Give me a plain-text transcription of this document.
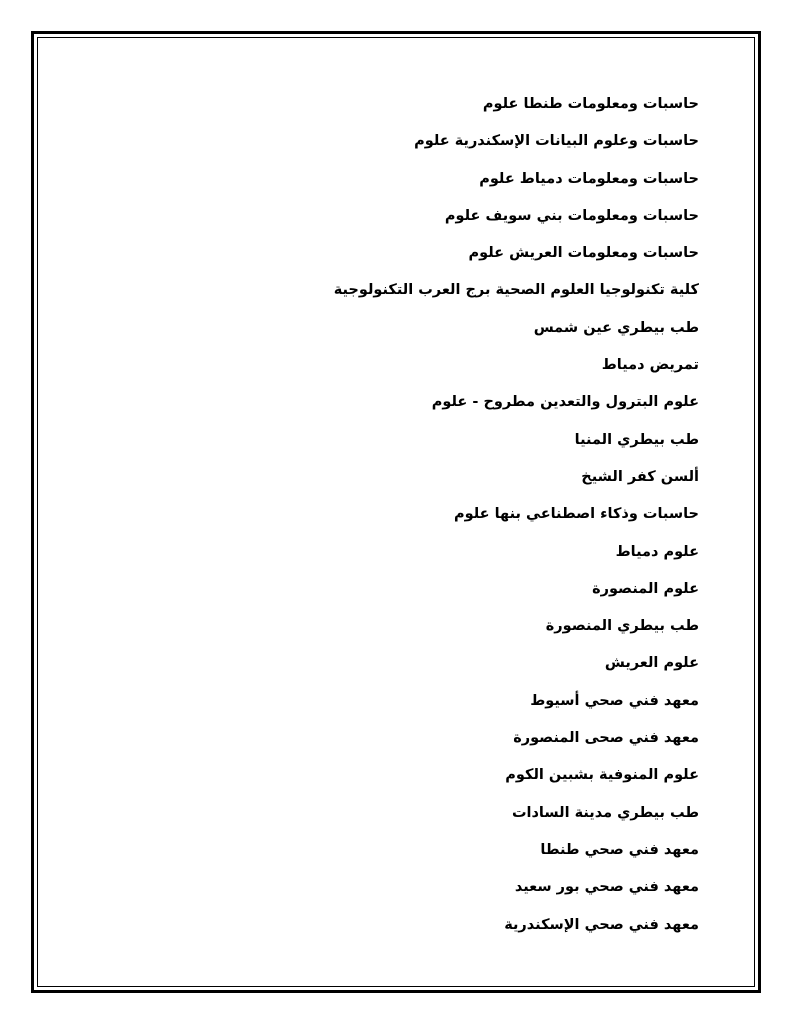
حاسبات ومعلومات طنطا علوم
حاسبات وعلوم البيانات الإسكندرية علوم
حاسبات ومعلومات دمياط علوم
حاسبات ومعلومات بني سويف علوم
حاسبات ومعلومات العريش علوم
كلية تكنولوجيا العلوم الصحية برج العرب التكنولوجية
طب بيطري عين شمس
تمريض دمياط
علوم البترول والتعدين مطروح - علوم
طب بيطري المنيا
ألسن كفر الشيخ
حاسبات وذكاء اصطناعي بنها علوم
علوم دمياط
علوم المنصورة
طب بيطري المنصورة
علوم العريش
معهد فني صحي أسيوط
معهد فني صحى المنصورة
علوم المنوفية بشبين الكوم
طب بيطري مدينة السادات
معهد فني صحي طنطا
معهد فني صحي بور سعيد
معهد فني صحي الإسكندرية
